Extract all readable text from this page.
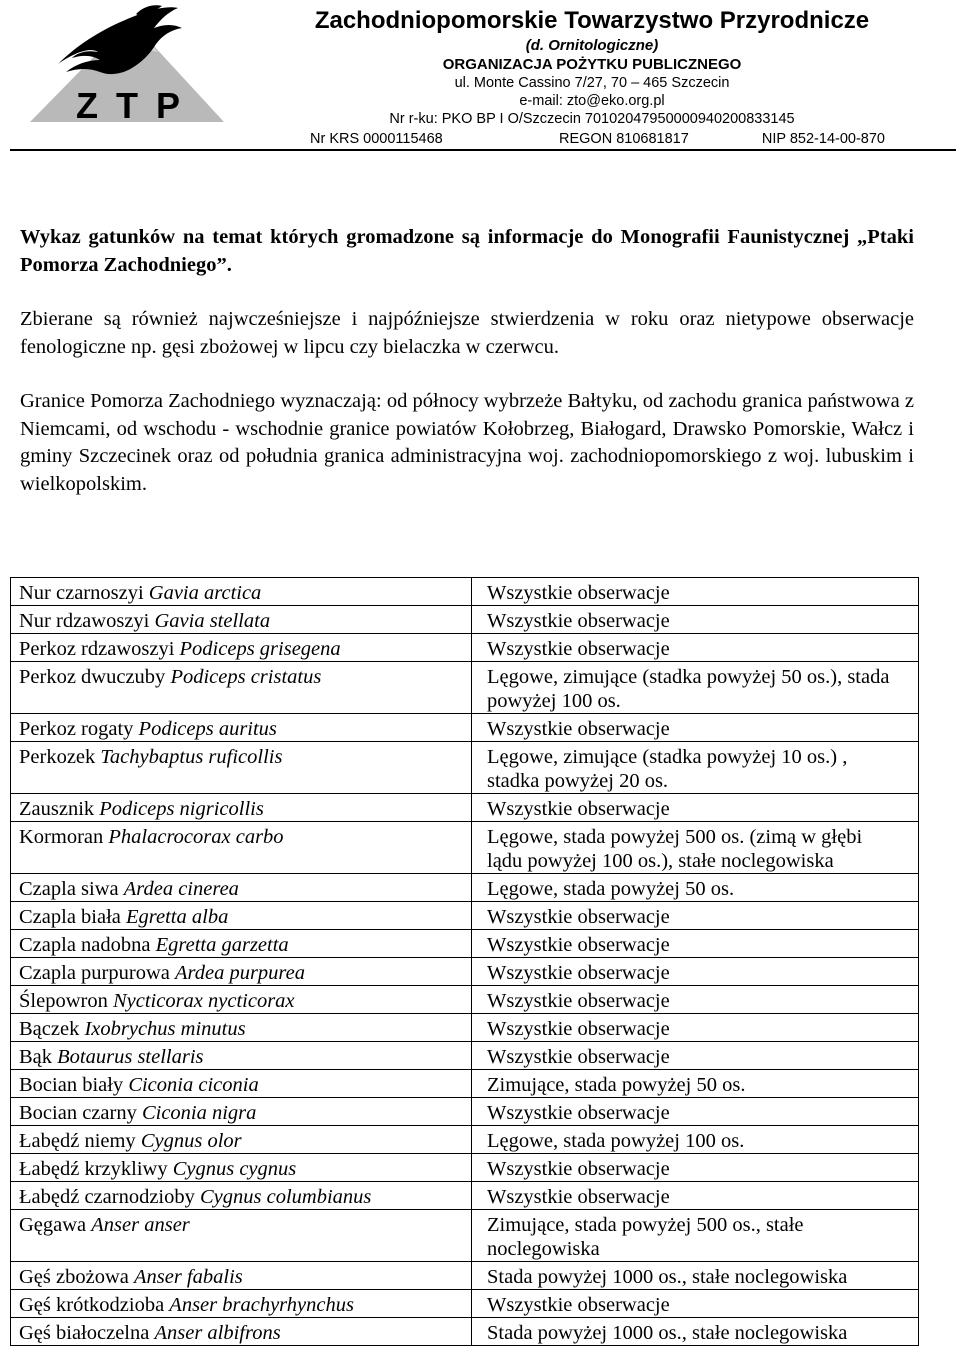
ZTP
Zachodniopomorskie Towarzystwo Przyrodnicze
(d. Ornitologiczne)
ORGANIZACJA POŻYTKU PUBLICZNEGO
ul. Monte Cassino 7/27, 70 – 465 Szczecin
e-mail: zto@eko.org.pl
Nr r-ku: PKO BP I O/Szczecin 70102047950000940200833145
Nr KRS 0000115468	REGON 810681817	NIP 852-14-00-870

Wykaz gatunków na temat których gromadzone są informacje do Monografii Faunistycznej „Ptaki Pomorza Zachodniego”.

Zbierane są również najwcześniejsze i najpóźniejsze stwierdzenia w roku oraz nietypowe obserwacje fenologiczne np. gęsi zbożowej w lipcu czy bielaczka w czerwcu.

Granice Pomorza Zachodniego wyznaczają: od północy wybrzeże Bałtyku, od zachodu granica państwowa z Niemcami, od wschodu - wschodnie granice powiatów Kołobrzeg, Białogard, Drawsko Pomorskie, Wałcz i gminy Szczecinek oraz od południa granica administracyjna woj. zachodniopomorskiego z woj. lubuskim i wielkopolskim.

Nur czarnoszyi Gavia arctica	Wszystkie obserwacje
Nur rdzawoszyi Gavia stellata	Wszystkie obserwacje
Perkoz rdzawoszyi Podiceps grisegena	Wszystkie obserwacje
Perkoz dwuczuby Podiceps cristatus	Lęgowe, zimujące (stadka powyżej 50 os.), stada powyżej 100 os.
Perkoz rogaty Podiceps auritus	Wszystkie obserwacje
Perkozek Tachybaptus ruficollis	Lęgowe, zimujące (stadka powyżej 10 os.) , stadka powyżej 20 os.
Zausznik Podiceps nigricollis	Wszystkie obserwacje
Kormoran Phalacrocorax carbo	Lęgowe, stada powyżej 500 os. (zimą w głębi lądu powyżej 100 os.), stałe noclegowiska
Czapla siwa Ardea cinerea	Lęgowe, stada powyżej 50 os.
Czapla biała Egretta alba	Wszystkie obserwacje
Czapla nadobna Egretta garzetta	Wszystkie obserwacje
Czapla purpurowa Ardea purpurea	Wszystkie obserwacje
Ślepowron Nycticorax nycticorax	Wszystkie obserwacje
Bączek Ixobrychus minutus	Wszystkie obserwacje
Bąk Botaurus stellaris	Wszystkie obserwacje
Bocian biały Ciconia ciconia	Zimujące, stada powyżej 50 os.
Bocian czarny Ciconia nigra	Wszystkie obserwacje
Łabędź niemy Cygnus olor	Lęgowe, stada powyżej 100 os.
Łabędź krzykliwy Cygnus cygnus	Wszystkie obserwacje
Łabędź czarnodzioby Cygnus columbianus	Wszystkie obserwacje
Gęgawa Anser anser	Zimujące, stada powyżej 500 os., stałe noclegowiska
Gęś zbożowa Anser fabalis	Stada powyżej 1000 os., stałe noclegowiska
Gęś krótkodzioba Anser brachyrhynchus	Wszystkie obserwacje
Gęś białoczelna Anser albifrons	Stada powyżej 1000 os., stałe noclegowiska
